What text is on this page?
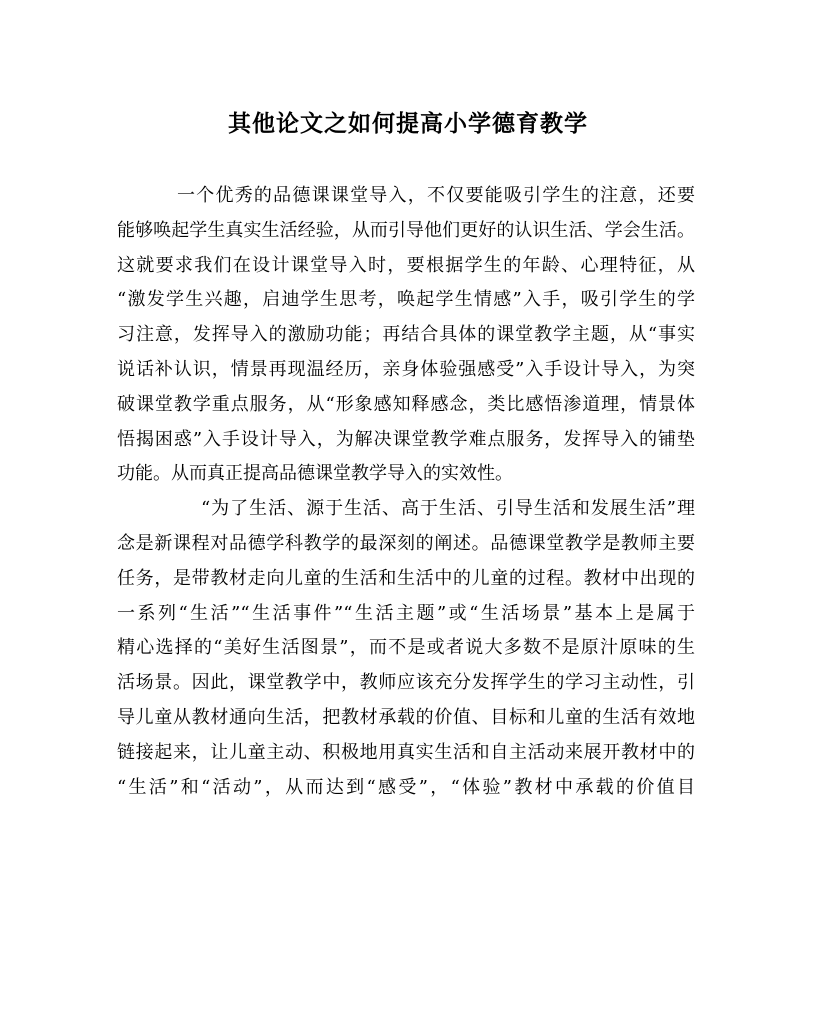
其他论文之如何提高小学德育教学
一个优秀的品德课课堂导入，不仅要能吸引学生的注意，还要
能够唤起学生真实生活经验，从而引导他们更好的认识生活、学会生活。
这就要求我们在设计课堂导入时，要根据学生的年龄、心理特征，从
“激发学生兴趣，启迪学生思考，唤起学生情感”入手，吸引学生的学
习注意，发挥导入的激励功能；再结合具体的课堂教学主题，从“事实
说话补认识，情景再现温经历，亲身体验强感受”入手设计导入，为突
破课堂教学重点服务，从“形象感知释感念，类比感悟渗道理，情景体
悟揭困惑”入手设计导入，为解决课堂教学难点服务，发挥导入的铺垫
功能。从而真正提高品德课堂教学导入的实效性。
“为了生活、源于生活、高于生活、引导生活和发展生活”理
念是新课程对品德学科教学的最深刻的阐述。品德课堂教学是教师主要
任务，是带教材走向儿童的生活和生活中的儿童的过程。教材中出现的
一系列“生活”“生活事件”“生活主题”或“生活场景”基本上是属于
精心选择的“美好生活图景”，而不是或者说大多数不是原汁原味的生
活场景。因此，课堂教学中，教师应该充分发挥学生的学习主动性，引
导儿童从教材通向生活，把教材承载的价值、目标和儿童的生活有效地
链接起来，让儿童主动、积极地用真实生活和自主活动来展开教材中的
“生活”和“活动”，从而达到“感受”，“体验”教材中承载的价值目
